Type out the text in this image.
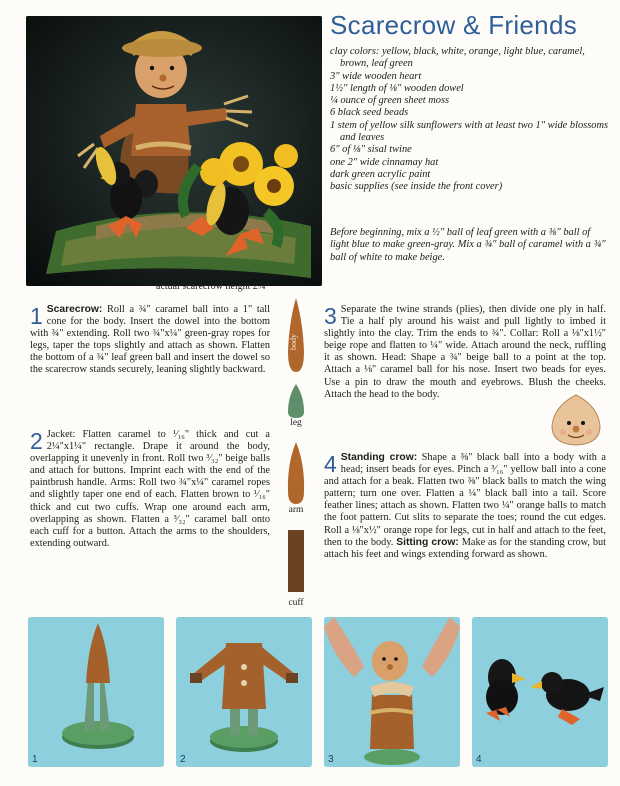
actual scarecrow height 2¼"
Scarecrow & Friends
clay colors: yellow, black, white, orange, light blue, caramel, brown, leaf green
3" wide wooden heart
1½" length of ⅛" wooden dowel
¼ ounce of green sheet moss
6 black seed beads
1 stem of yellow silk sunflowers with at least two 1" wide blossoms and leaves
6" of ⅛" sisal twine
one 2" wide cinnamay hat
dark green acrylic paint
basic supplies (see inside the front cover)
Before beginning, mix a ½" ball of leaf green with a ⅜" ball of light blue to make green-gray. Mix a ¾" ball of caramel with a ¾" ball of white to make beige.
1 Scarecrow: Roll a ¾" caramel ball into a 1" tall cone for the body. Insert the dowel into the bottom with ¾" extending. Roll two ¾"x¼" green-gray ropes for legs, taper the tops slightly and attach as shown. Flatten the bottom of a ¾" leaf green ball and insert the dowel so the scarecrow stands securely, leaning slightly backward.
2 Jacket: Flatten caramel to ¹⁄₁₆" thick and cut a 2¼"x1¼" rectangle. Drape it around the body, overlapping it unevenly in front. Roll two ³⁄₃₂" beige balls and attach for buttons. Imprint each with the end of the paintbrush handle. Arms: Roll two ¾"x¼" caramel ropes and slightly taper one end of each. Flatten brown to ¹⁄₁₆" thick and cut two cuffs. Wrap one around each arm, overlapping as shown. Flatten a ³⁄₃₂" caramel ball onto each cuff for a button. Attach the arms to the shoulders, extending outward.
body
leg
arm
cuff
3 Separate the twine strands (plies), then divide one ply in half. Tie a half ply around his waist and pull lightly to imbed it slightly into the clay. Trim the ends to ¾". Collar: Roll a ⅛"x1½" beige rope and flatten to ¼" wide. Attach around the neck, ruffling it as shown. Head: Shape a ¾" beige ball to a point at the top. Attach a ⅛" caramel ball for his nose. Insert two beads for eyes. Use a pin to draw the mouth and eyebrows. Blush the cheeks. Attach the head to the body.
4 Standing crow: Shape a ⅜" black ball into a body with a head; insert beads for eyes. Pinch a ³⁄₁₆" yellow ball into a cone and attach for a beak. Flatten two ⅜" black balls to match the wing pattern; turn one over. Flatten a ¼" black ball into a tail. Score feather lines; attach as shown. Flatten two ¼" orange balls to match the foot pattern. Cut slits to separate the toes; round the cut edges. Roll a ⅛"x½" orange rope for legs, cut in half and attach to the feet, then to the body. Sitting crow: Make as for the standing crow, but attach his feet and wings extending forward as shown.
1	2	3	4
